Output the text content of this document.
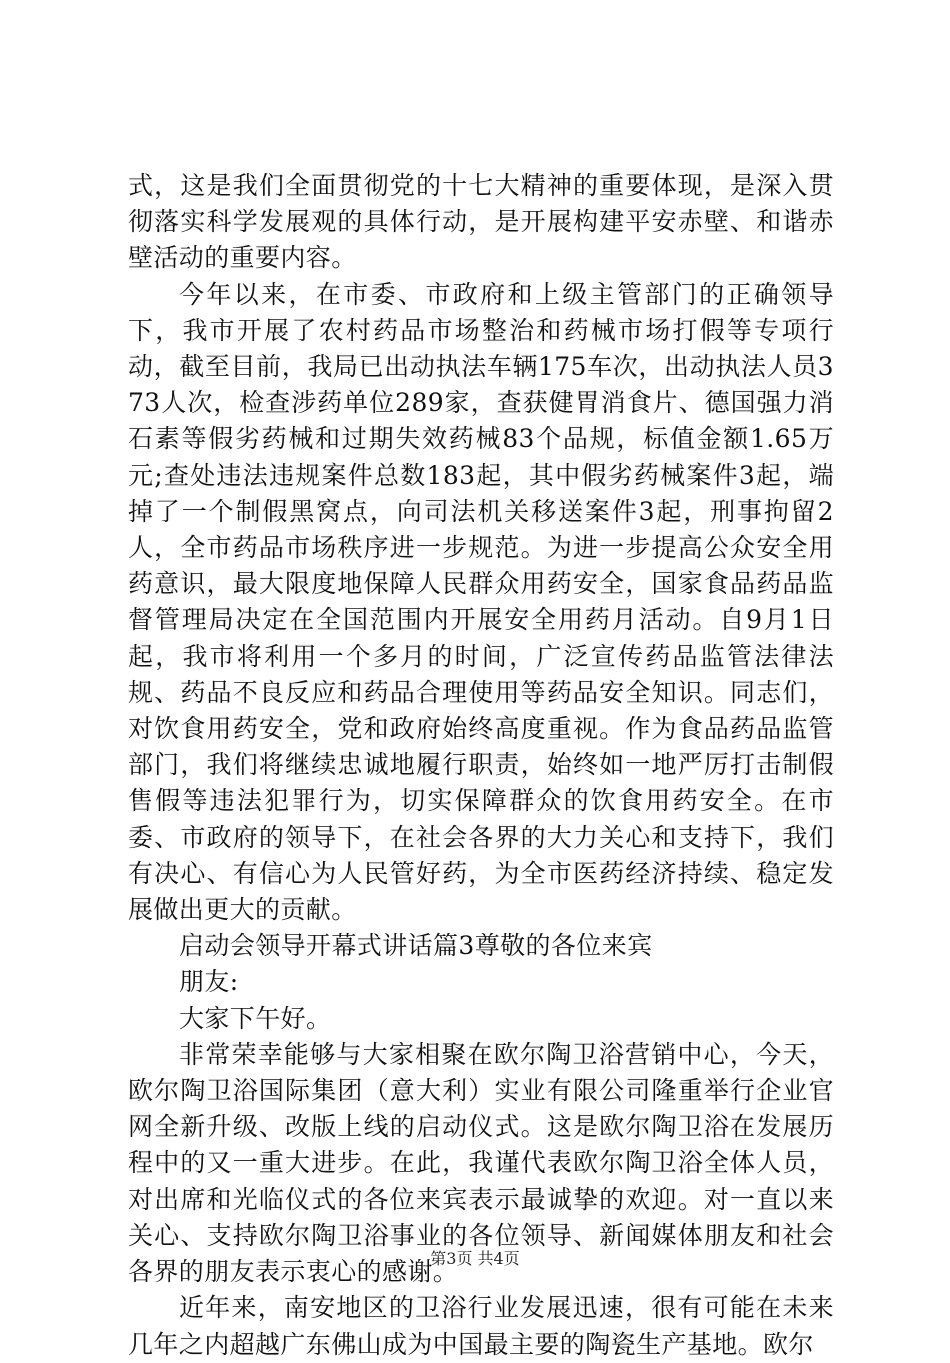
式，这是我们全面贯彻党的十七大精神的重要体现，是深入贯彻落实科学发展观的具体行动，是开展构建平安赤壁、和谐赤壁活动的重要内容。

今年以来，在市委、市政府和上级主管部门的正确领导下，我市开展了农村药品市场整治和药械市场打假等专项行动，截至目前，我局已出动执法车辆175车次，出动执法人员373人次，检查涉药单位289家，查获健胃消食片、德国强力消石素等假劣药械和过期失效药械83个品规，标值金额1.65万元;查处违法违规案件总数183起，其中假劣药械案件3起，端掉了一个制假黑窝点，向司法机关移送案件3起，刑事拘留2人，全市药品市场秩序进一步规范。为进一步提高公众安全用药意识，最大限度地保障人民群众用药安全，国家食品药品监督管理局决定在全国范围内开展安全用药月活动。自9月1日起，我市将利用一个多月的时间，广泛宣传药品监管法律法规、药品不良反应和药品合理使用等药品安全知识。同志们，对饮食用药安全，党和政府始终高度重视。作为食品药品监管部门，我们将继续忠诚地履行职责，始终如一地严厉打击制假售假等违法犯罪行为，切实保障群众的饮食用药安全。在市委、市政府的领导下，在社会各界的大力关心和支持下，我们有决心、有信心为人民管好药，为全市医药经济持续、稳定发展做出更大的贡献。

启动会领导开幕式讲话篇3尊敬的各位来宾

朋友:

大家下午好。

非常荣幸能够与大家相聚在欧尔陶卫浴营销中心，今天，欧尔陶卫浴国际集团（意大利）实业有限公司隆重举行企业官网全新升级、改版上线的启动仪式。这是欧尔陶卫浴在发展历程中的又一重大进步。在此，我谨代表欧尔陶卫浴全体人员，对出席和光临仪式的各位来宾表示最诚挚的欢迎。对一直以来关心、支持欧尔陶卫浴事业的各位领导、新闻媒体朋友和社会各界的朋友表示衷心的感谢。

近年来，南安地区的卫浴行业发展迅速，很有可能在未来几年之内超越广东佛山成为中国最主要的陶瓷生产基地。欧尔

第3页 共4页
